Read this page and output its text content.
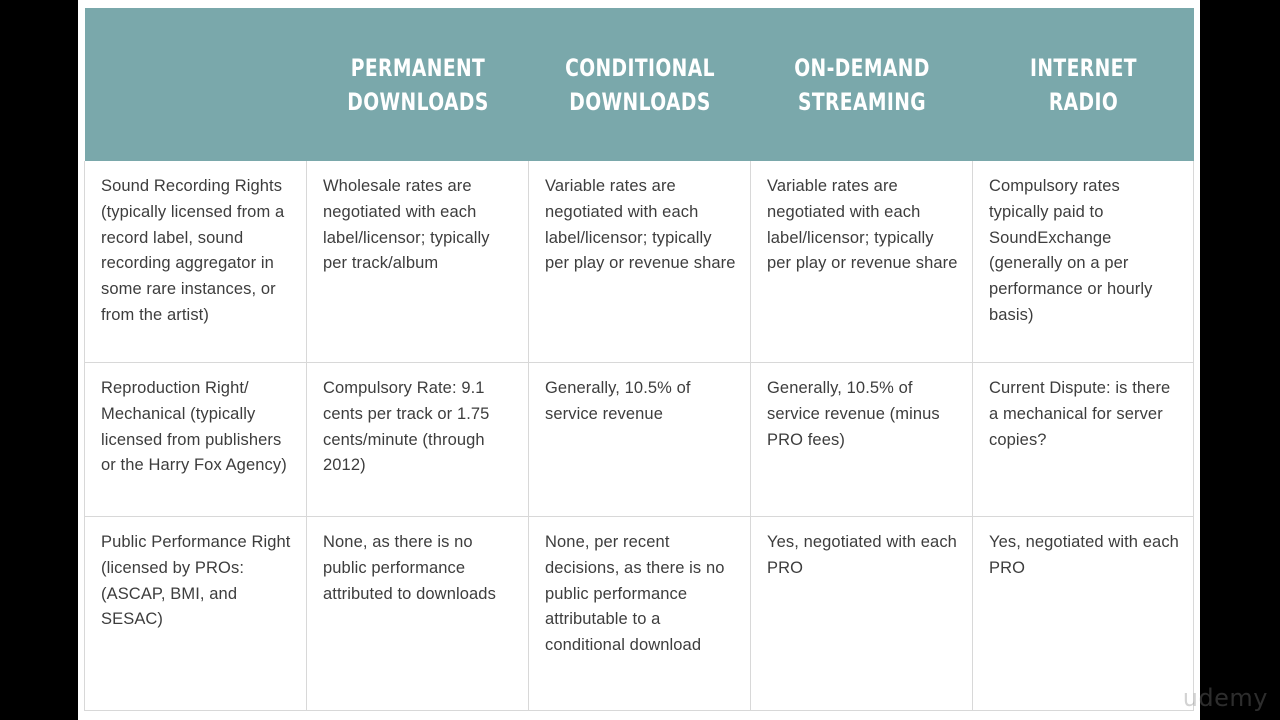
	PERMANENT DOWNLOADS	CONDITIONAL DOWNLOADS	ON-DEMAND STREAMING	INTERNET RADIO

Sound Recording Rights (typically licensed from a record label, sound recording aggregator in some rare instances, or from the artist)	Wholesale rates are negotiated with each label/licensor; typically per track/album	Variable rates are negotiated with each label/licensor; typically per play or revenue share	Variable rates are negotiated with each label/licensor; typically per play or revenue share	Compulsory rates typically paid to SoundExchange (generally on a per performance or hourly basis)
Reproduction Right/ Mechanical (typically licensed from publishers or the Harry Fox Agency)	Compulsory Rate: 9.1 cents per track or 1.75 cents/minute (through 2012)	Generally, 10.5% of service revenue	Generally, 10.5% of service revenue (minus PRO fees)	Current Dispute: is there a mechanical for server copies?
Public Performance Right (licensed by PROs: (ASCAP, BMI, and SESAC)	None, as there is no public performance attributed to downloads	None, per recent decisions, as there is no public performance attributable to a conditional download	Yes, negotiated with each PRO	Yes, negotiated with each PRO
udemy
